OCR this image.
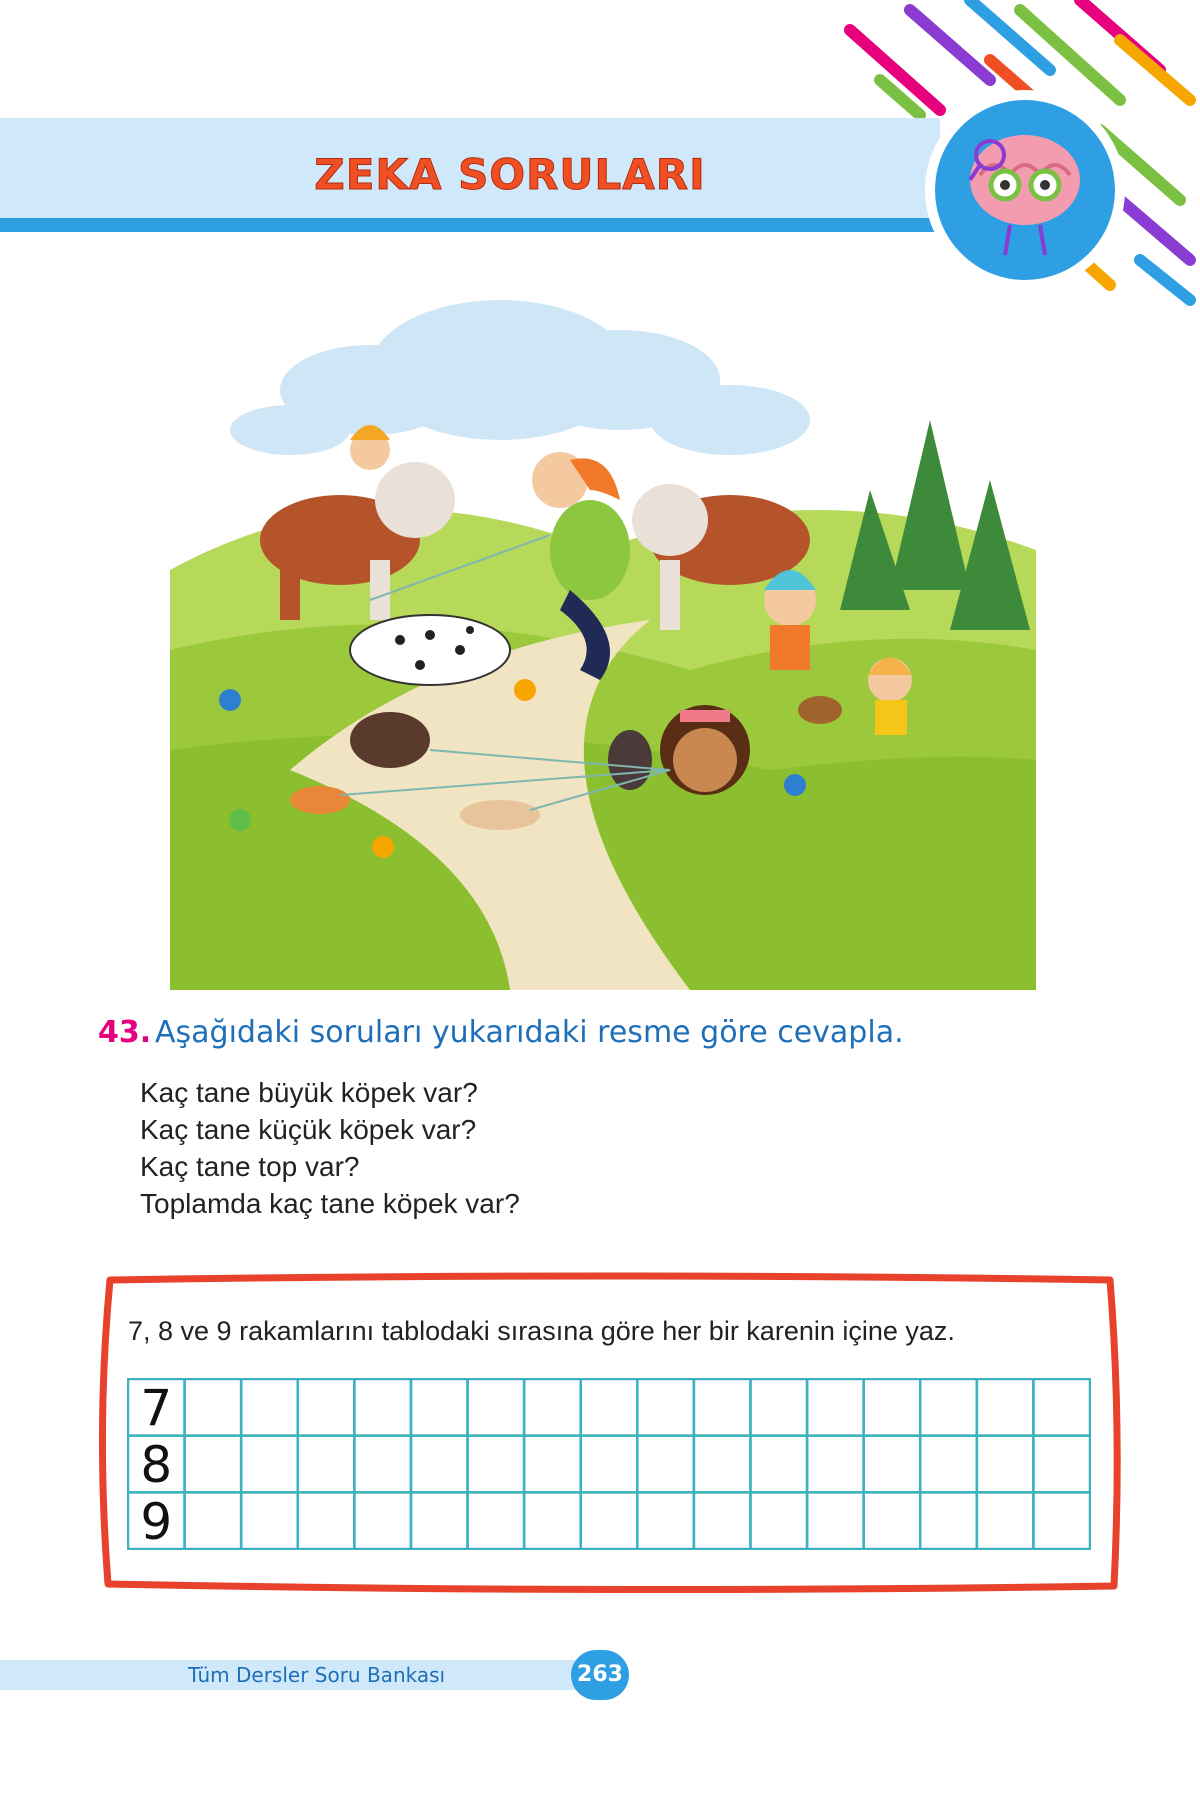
ZEKA SORULARI
43. Aşağıdaki soruları yukarıdaki resme göre cevapla.
Kaç tane büyük köpek var?
Kaç tane küçük köpek var?
Kaç tane top var?
Toplamda kaç tane köpek var?
7, 8 ve 9 rakamlarını tablodaki sırasına göre her bir karenin içine yaz.
7
8
9
Tüm Dersler Soru Bankası	263
